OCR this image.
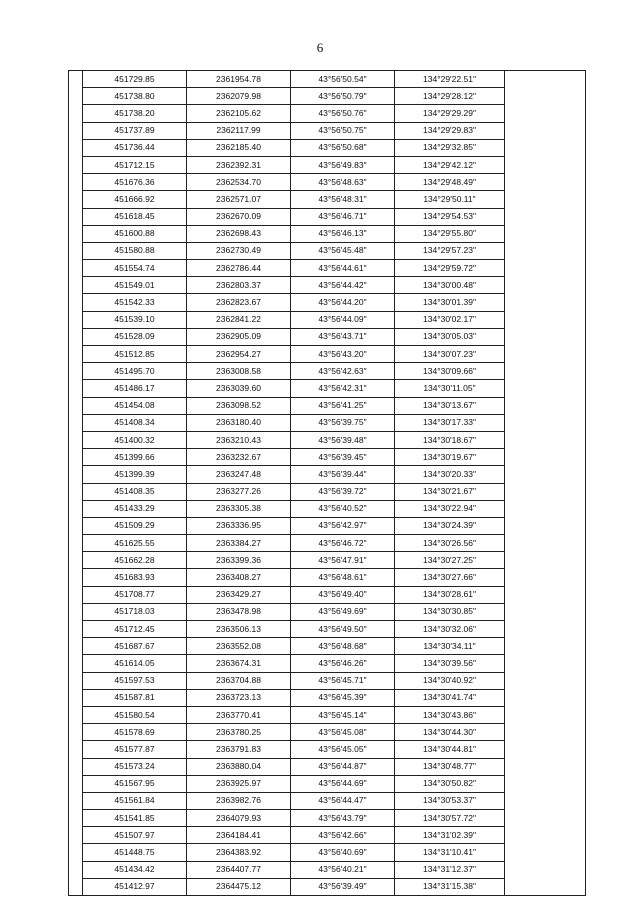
6
	451729.85	2361954.78	43°56'50.54"	134°29'22.51"	
	451738.80	2362079.98	43°56'50.79"	134°29'28.12"	
	451738.20	2362105.62	43°56'50.76"	134°29'29.29"	
	451737.89	2362117.99	43°56'50.75"	134°29'29.83"	
	451736.44	2362185.40	43°56'50.68"	134°29'32.85"	
	451712.15	2362392.31	43°56'49.83"	134°29'42.12"	
	451676.36	2362534.70	43°56'48.63"	134°29'48.49"	
	451666.92	2362571.07	43°56'48.31"	134°29'50.11"	
	451618.45	2362670.09	43°56'46.71"	134°29'54.53"	
	451600.88	2362698.43	43°56'46.13"	134°29'55.80"	
	451580.88	2362730.49	43°56'45.48"	134°29'57.23"	
	451554.74	2362786.44	43°56'44.61"	134°29'59.72"	
	451549.01	2362803.37	43°56'44.42"	134°30'00.48"	
	451542.33	2362823.67	43°56'44.20"	134°30'01.39"	
	451539.10	2362841.22	43°56'44.09"	134°30'02.17"	
	451528.09	2362905.09	43°56'43.71"	134°30'05.03"	
	451512.85	2362954.27	43°56'43.20"	134°30'07.23"	
	451495.70	2363008.58	43°56'42.63"	134°30'09.66"	
	451486.17	2363039.60	43°56'42.31"	134°30'11.05"	
	451454.08	2363098.52	43°56'41.25"	134°30'13.67"	
	451408.34	2363180.40	43°56'39.75"	134°30'17.33"	
	451400.32	2363210.43	43°56'39.48"	134°30'18.67"	
	451399.66	2363232.67	43°56'39.45"	134°30'19.67"	
	451399.39	2363247.48	43°56'39.44"	134°30'20.33"	
	451408.35	2363277.26	43°56'39.72"	134°30'21.67"	
	451433.29	2363305.38	43°56'40.52"	134°30'22.94"	
	451509.29	2363336.95	43°56'42.97"	134°30'24.39"	
	451625.55	2363384.27	43°56'46.72"	134°30'26.56"	
	451662.28	2363399.36	43°56'47.91"	134°30'27.25"	
	451683.93	2363408.27	43°56'48.61"	134°30'27.66"	
	451708.77	2363429.27	43°56'49.40"	134°30'28.61"	
	451718.03	2363478.98	43°56'49.69"	134°30'30.85"	
	451712.45	2363506.13	43°56'49.50"	134°30'32.06"	
	451687.67	2363552.08	43°56'48.68"	134°30'34.11"	
	451614.05	2363674.31	43°56'46.26"	134°30'39.56"	
	451597.53	2363704.88	43°56'45.71"	134°30'40.92"	
	451587.81	2363723.13	43°56'45.39"	134°30'41.74"	
	451580.54	2363770.41	43°56'45.14"	134°30'43.86"	
	451578.69	2363780.25	43°56'45.08"	134°30'44.30"	
	451577.87	2363791.83	43°56'45.05"	134°30'44.81"	
	451573.24	2363880.04	43°56'44.87"	134°30'48.77"	
	451567.95	2363925.97	43°56'44.69"	134°30'50.82"	
	451561.84	2363982.76	43°56'44.47"	134°30'53.37"	
	451541.85	2364079.93	43°56'43.79"	134°30'57.72"	
	451507.97	2364184.41	43°56'42.66"	134°31'02.39"	
	451448.75	2364383.92	43°56'40.69"	134°31'10.41"	
	451434.42	2364407.77	43°56'40.21"	134°31'12.37"	
	451412.97	2364475.12	43°56'39.49"	134°31'15.38"	
